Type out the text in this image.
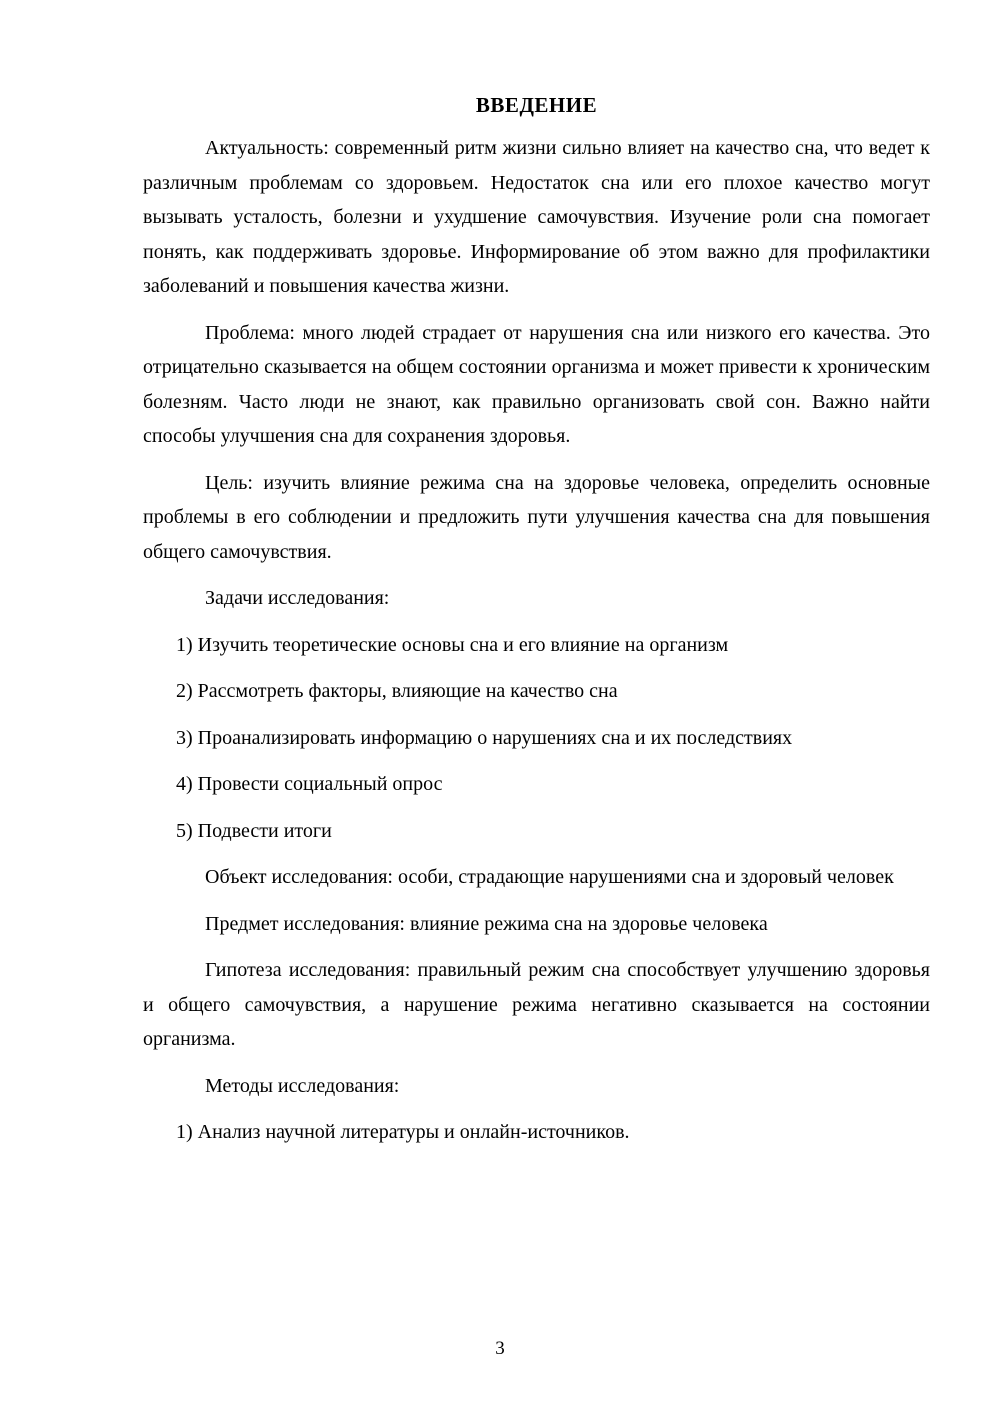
ВВЕДЕНИЕ

Актуальность: современный ритм жизни сильно влияет на качество сна, что ведет к различным проблемам со здоровьем. Недостаток сна или его плохое качество могут вызывать усталость, болезни и ухудшение самочувствия. Изучение роли сна помогает понять, как поддерживать здоровье. Информирование об этом важно для профилактики заболеваний и повышения качества жизни.

Проблема: много людей страдает от нарушения сна или низкого его качества. Это отрицательно сказывается на общем состоянии организма и может привести к хроническим болезням. Часто люди не знают, как правильно организовать свой сон. Важно найти способы улучшения сна для сохранения здоровья.

Цель: изучить влияние режима сна на здоровье человека, определить основные проблемы в его соблюдении и предложить пути улучшения качества сна для повышения общего самочувствия.

Задачи исследования:

1) Изучить теоретические основы сна и его влияние на организм

2) Рассмотреть факторы, влияющие на качество сна

3) Проанализировать информацию о нарушениях сна и их последствиях

4) Провести социальный опрос

5) Подвести итоги

Объект исследования: особи, страдающие нарушениями сна и здоровый человек

Предмет исследования: влияние режима сна на здоровье человека

Гипотеза исследования: правильный режим сна способствует улучшению здоровья и общего самочувствия, а нарушение режима негативно сказывается на состоянии организма.

Методы исследования:

1) Анализ научной литературы и онлайн-источников.

3
